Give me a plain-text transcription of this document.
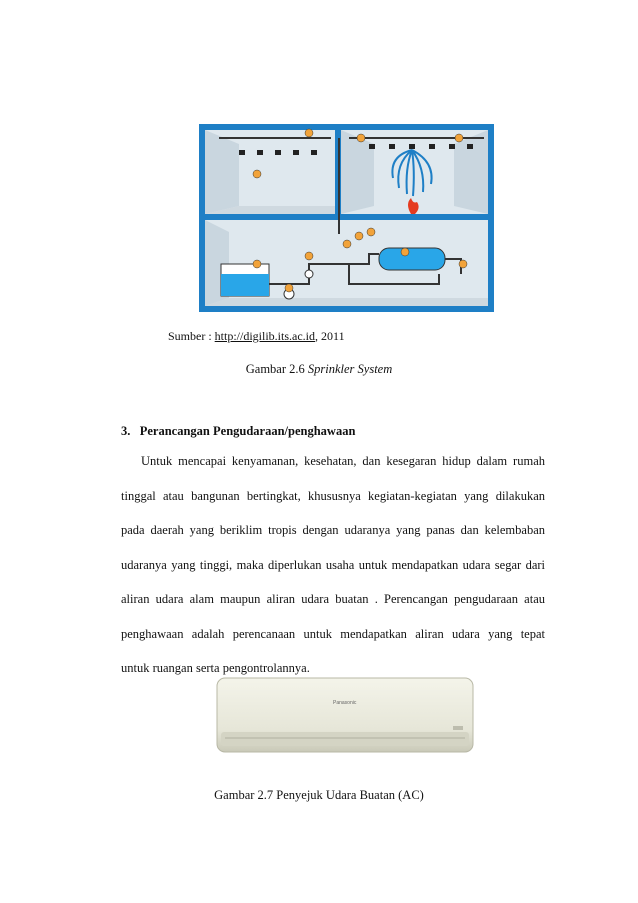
Sumber : http://digilib.its.ac.id, 2011
Gambar 2.6 Sprinkler System
3.   Perancangan Pengudaraan/penghawaan
Untuk mencapai kenyamanan, kesehatan, dan kesegaran hidup dalam rumah
tinggal atau bangunan bertingkat, khususnya kegiatan-kegiatan yang dilakukan
pada daerah yang beriklim tropis dengan udaranya yang panas dan kelembaban
udaranya yang tinggi, maka diperlukan usaha untuk mendapatkan udara segar dari
aliran udara alam maupun aliran udara buatan . Perencangan pengudaraan atau
penghawaan adalah perencanaan untuk mendapatkan aliran udara yang tepat
untuk ruangan serta pengontrolannya.
Panasonic
Gambar 2.7 Penyejuk Udara Buatan (AC)
